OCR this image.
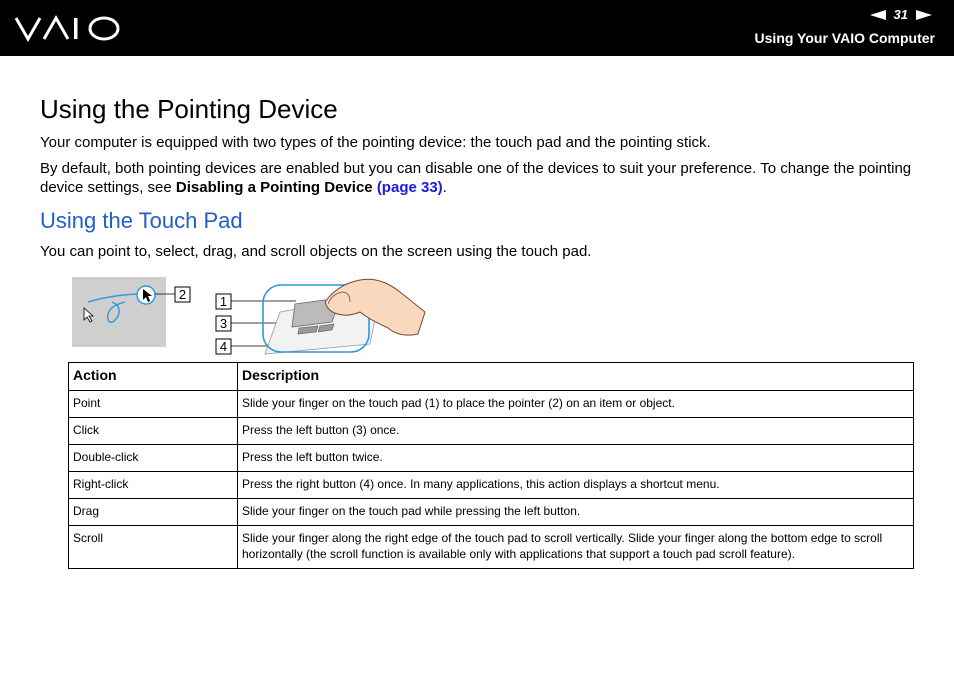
31
Using Your VAIO Computer
Using the Pointing Device

Your computer is equipped with two types of the pointing device: the touch pad and the pointing stick.

By default, both pointing devices are enabled but you can disable one of the devices to suit your preference. To change the pointing device settings, see Disabling a Pointing Device (page 33).

Using the Touch Pad

You can point to, select, drag, and scroll objects on the screen using the touch pad.

2	1
3
4
Action	Description
Point	Slide your finger on the touch pad (1) to place the pointer (2) on an item or object.
Click	Press the left button (3) once.
Double-click	Press the left button twice.
Right-click	Press the right button (4) once. In many applications, this action displays a shortcut menu.
Drag	Slide your finger on the touch pad while pressing the left button.
Scroll	Slide your finger along the right edge of the touch pad to scroll vertically. Slide your finger along the bottom edge to scroll horizontally (the scroll function is available only with applications that support a touch pad scroll feature).
